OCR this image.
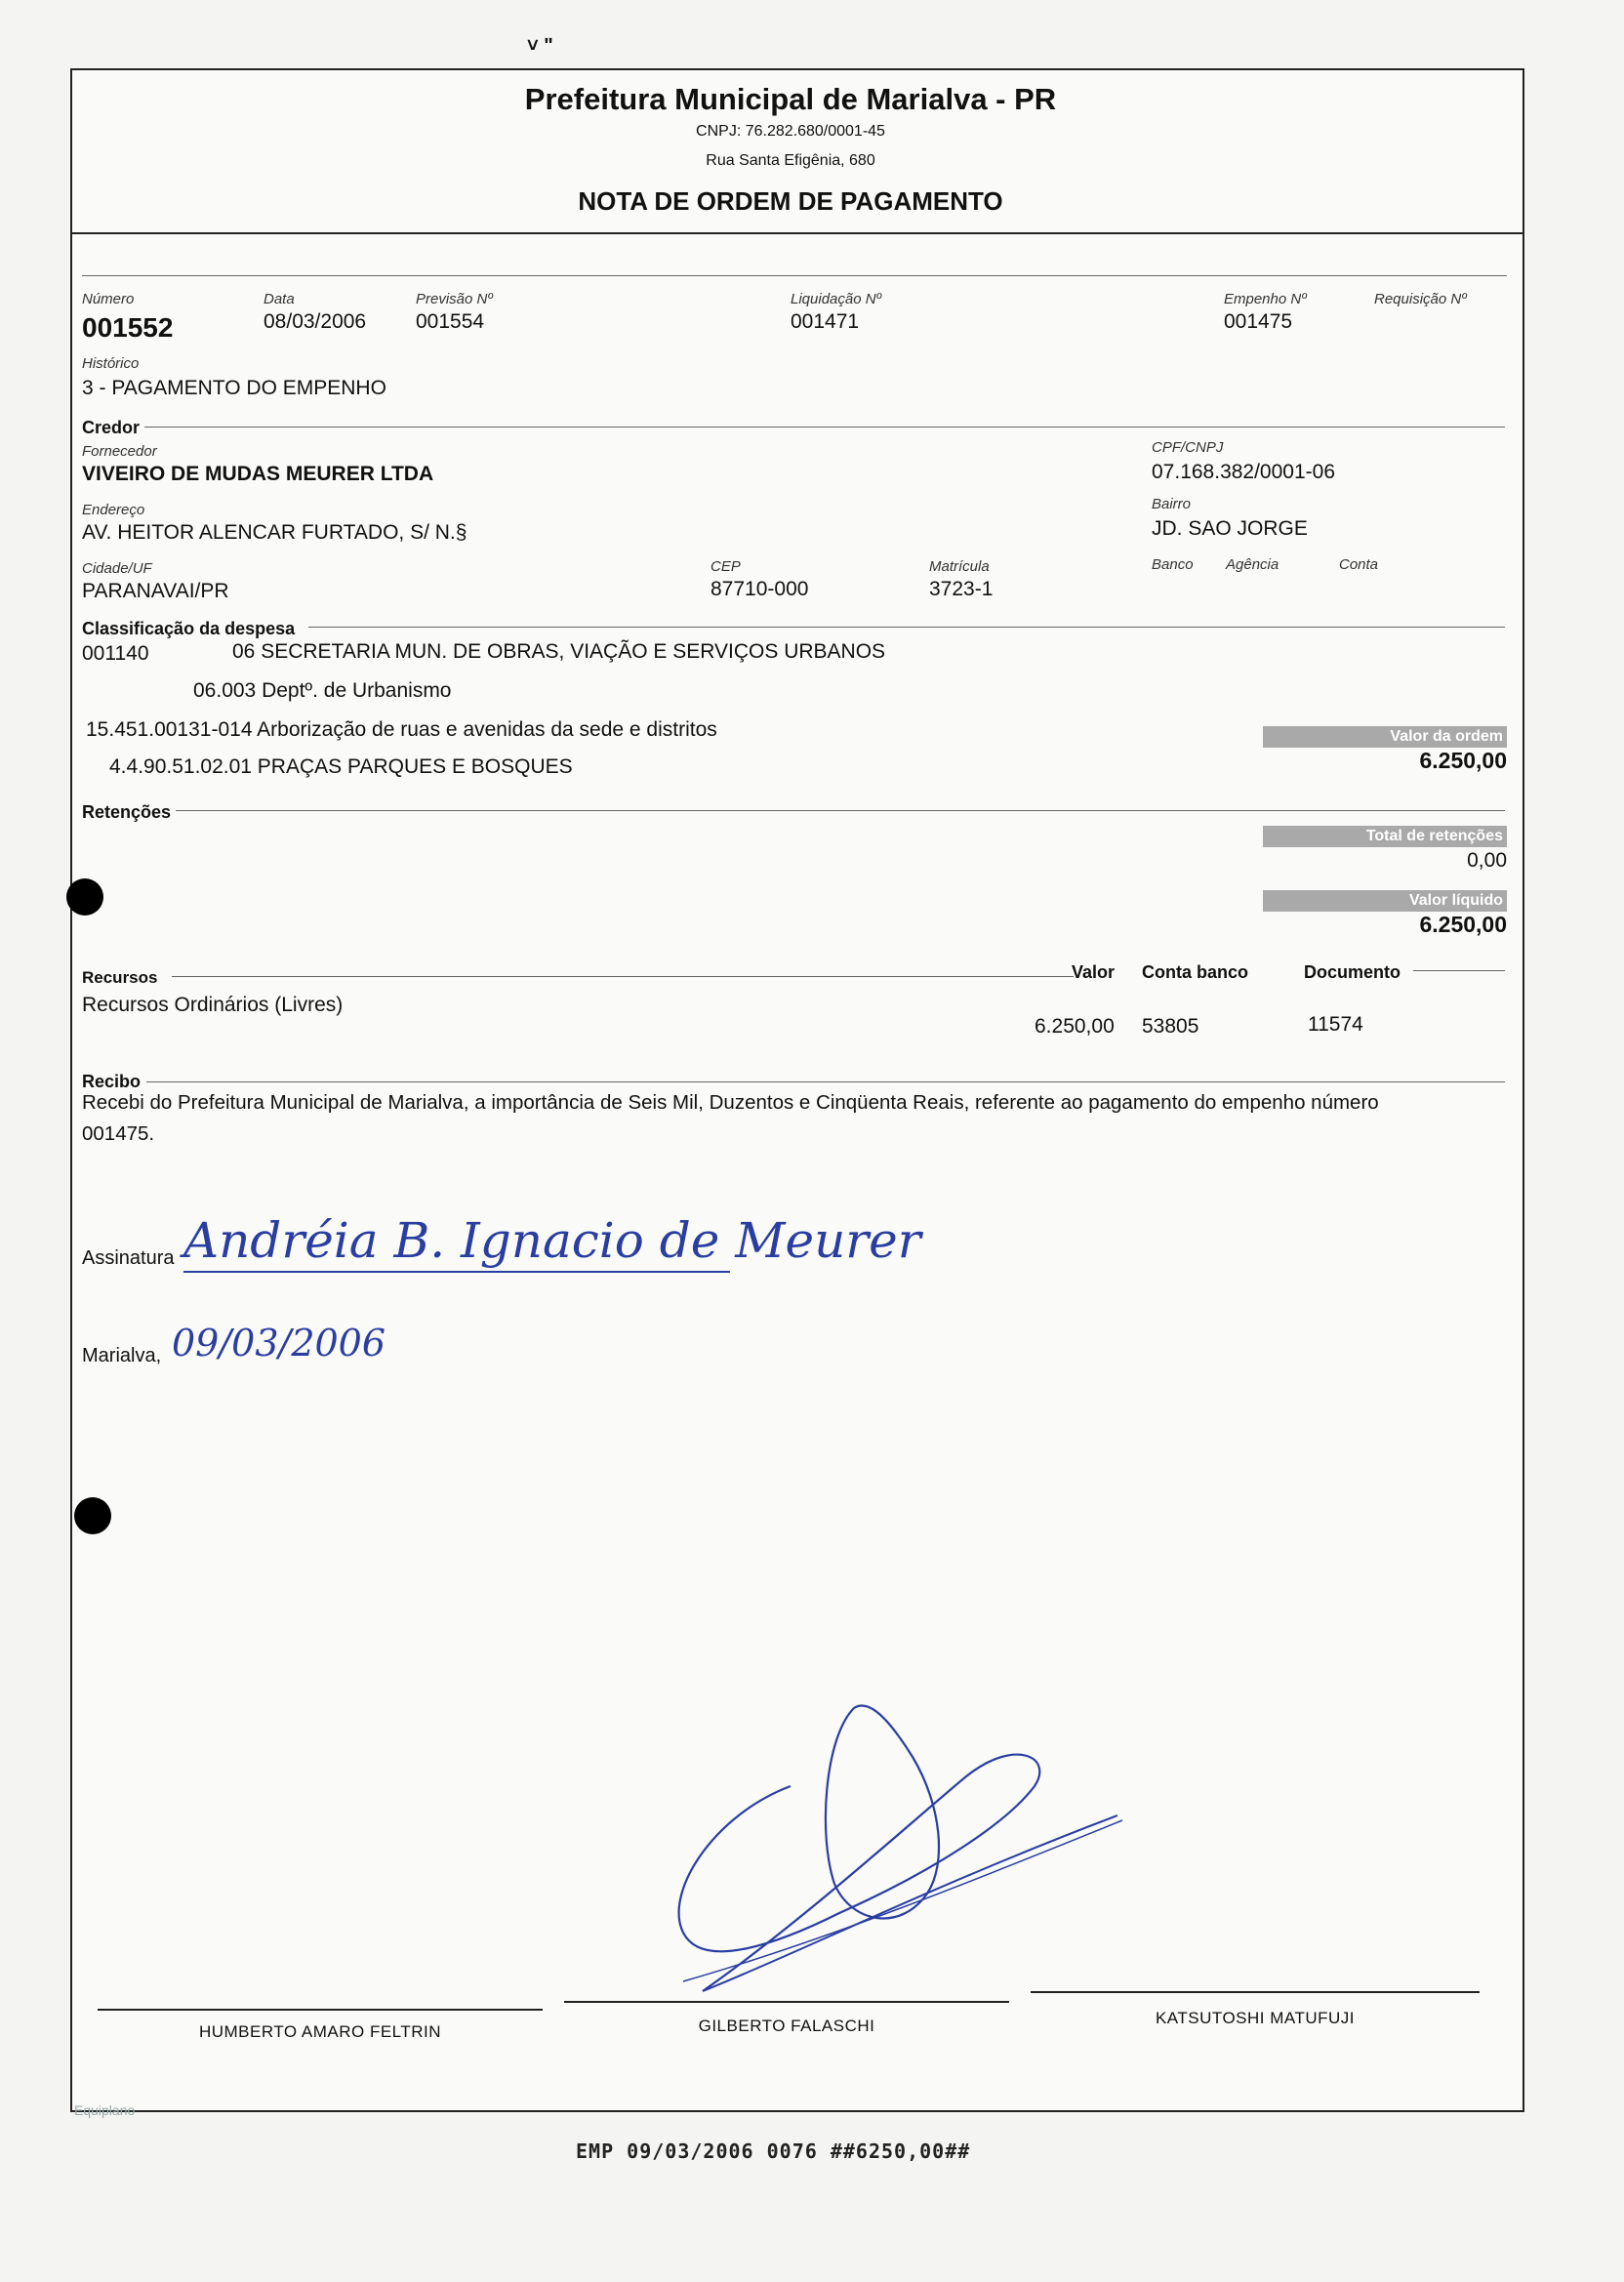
˅ ʺ
Prefeitura Municipal de Marialva - PR
CNPJ: 76.282.680/0001-45
Rua Santa Efigênia, 680
NOTA DE ORDEM DE PAGAMENTO
Número
001552
Data
08/03/2006
Previsão Nº
001554
Liquidação Nº
001471
Empenho Nº
001475
Requisição Nº
Histórico
3 - PAGAMENTO DO EMPENHO
Credor
Fornecedor
VIVEIRO DE MUDAS MEURER LTDA
CPF/CNPJ
07.168.382/0001-06
Endereço
AV. HEITOR ALENCAR FURTADO, S/ N.§
Bairro
JD. SAO JORGE
Cidade/UF
PARANAVAI/PR
CEP
87710-000
Matrícula
3723-1
Banco Agência	Conta
Classificação da despesa
001140	06 SECRETARIA MUN. DE OBRAS, VIAÇÃO E SERVIÇOS URBANOS
06.003 Deptº. de Urbanismo
15.451.00131-014 Arborização de ruas e avenidas da sede e distritos
4.4.90.51.02.01 PRAÇAS PARQUES E BOSQUES
Valor da ordem
6.250,00
Retenções
Total de retenções
0,00
Valor líquido
6.250,00
Recursos	Valor Conta banco	Documento
Recursos Ordinários (Livres)
6.250,00 53805	11574
Recibo
Recebi do Prefeitura Municipal de Marialva, a importância de Seis Mil, Duzentos e Cinqüenta Reais, referente ao pagamento do empenho número
001475.
Assinatura Andréia B. Ignacio de Meurer
Marialva, 09/03/2006
HUMBERTO AMARO FELTRIN	GILBERTO FALASCHI	KATSUTOSHI MATUFUJI
Equiplano
EMP 09/03/2006 0076 ##6250,00##
